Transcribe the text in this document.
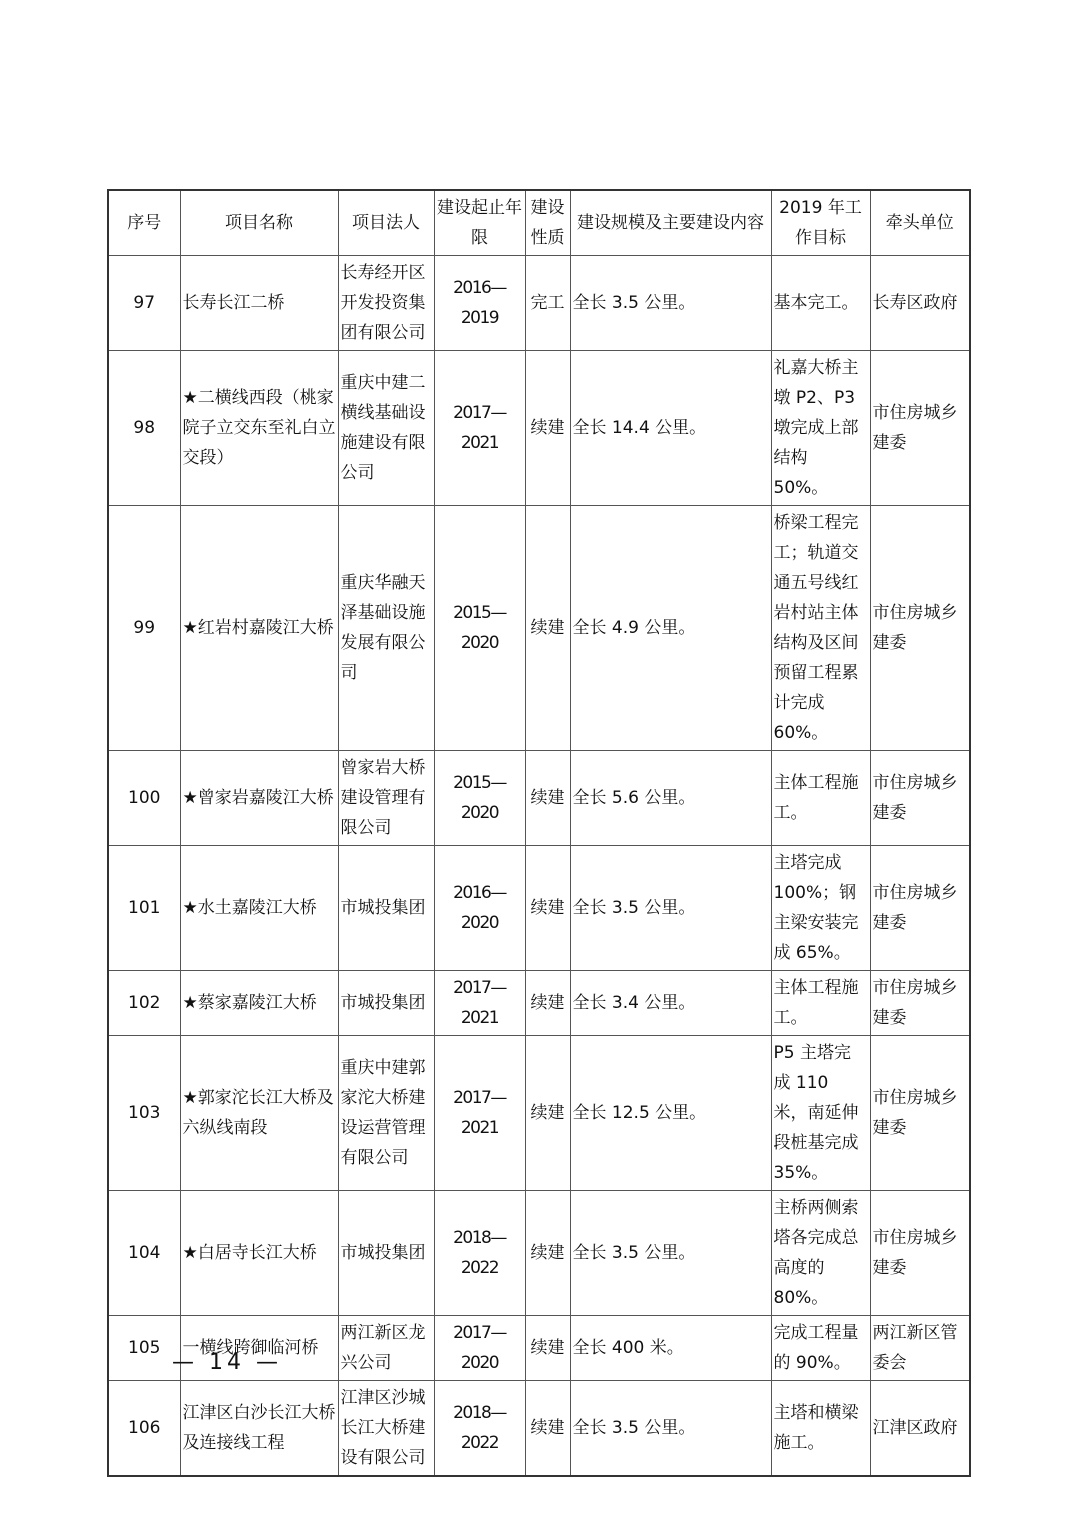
序号	项目名称	项目法人	建设起止年限	建设性质	建设规模及主要建设内容	2019 年工作目标	牵头单位
97	长寿长江二桥	长寿经开区开发投资集团有限公司	2016—2019	完工	全长 3.5 公里。	基本完工。	长寿区政府
98	★二横线西段（桃家院子立交东至礼白立交段）	重庆中建二横线基础设施建设有限公司	2017—2021	续建	全长 14.4 公里。	礼嘉大桥主墩 P2、P3 墩完成上部结构 50%。	市住房城乡建委
99	★红岩村嘉陵江大桥	重庆华融天泽基础设施发展有限公司	2015—2020	续建	全长 4.9 公里。	桥梁工程完工；轨道交通五号线红岩村站主体结构及区间预留工程累计完成 60%。	市住房城乡建委
100	★曾家岩嘉陵江大桥	曾家岩大桥建设管理有限公司	2015—2020	续建	全长 5.6 公里。	主体工程施工。	市住房城乡建委
101	★水土嘉陵江大桥	市城投集团	2016—2020	续建	全长 3.5 公里。	主塔完成 100%；钢主梁安装完成 65%。	市住房城乡建委
102	★蔡家嘉陵江大桥	市城投集团	2017—2021	续建	全长 3.4 公里。	主体工程施工。	市住房城乡建委
103	★郭家沱长江大桥及六纵线南段	重庆中建郭家沱大桥建设运营管理有限公司	2017—2021	续建	全长 12.5 公里。	P5 主塔完成 110 米，南延伸段桩基完成 35%。	市住房城乡建委
104	★白居寺长江大桥	市城投集团	2018—2022	续建	全长 3.5 公里。	主桥两侧索塔各完成总高度的 80%。	市住房城乡建委
105	一横线跨御临河桥	两江新区龙兴公司	2017—2020	续建	全长 400 米。	完成工程量的 90%。	两江新区管委会
106	江津区白沙长江大桥及连接线工程	江津区沙城长江大桥建设有限公司	2018—2022	续建	全长 3.5 公里。	主塔和横梁施工。	江津区政府
— 14 —
